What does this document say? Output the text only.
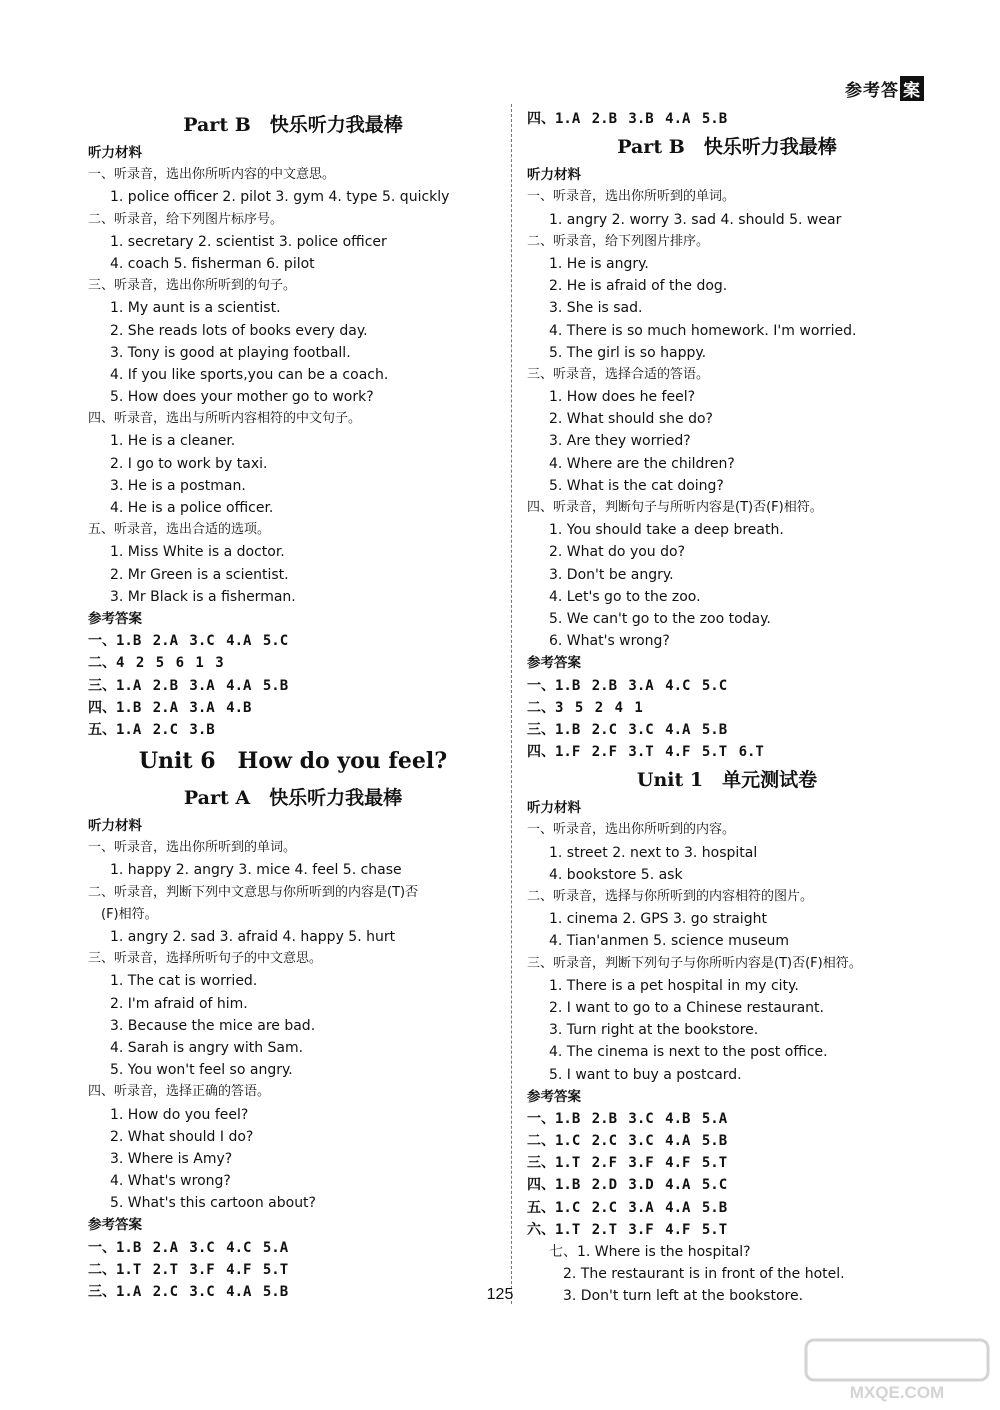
参考答 案
Part B　快乐听力我最棒
听力材料
一、听录音，选出你所听内容的中文意思。
1. police officer 2. pilot 3. gym 4. type 5. quickly
二、听录音，给下列图片标序号。
1. secretary 2. scientist 3. police officer
4. coach 5. fisherman 6. pilot
三、听录音，选出你所听到的句子。
1. My aunt is a scientist.
2. She reads lots of books every day.
3. Tony is good at playing football.
4. If you like sports,you can be a coach.
5. How does your mother go to work?
四、听录音，选出与所听内容相符的中文句子。
1. He is a cleaner.
2. I go to work by taxi.
3. He is a postman.
4. He is a police officer.
五、听录音，选出合适的选项。
1. Miss White is a doctor.
2. Mr Green is a scientist.
3. Mr Black is a fisherman.
参考答案
一、1.B 2.A 3.C 4.A 5.C
二、4 2 5 6 1 3
三、1.A 2.B 3.A 4.A 5.B
四、1.B 2.A 3.A 4.B
五、1.A 2.C 3.B
Unit 6　How do you feel?
Part A　快乐听力我最棒
听力材料
一、听录音，选出你所听到的单词。
1. happy 2. angry 3. mice 4. feel 5. chase
二、听录音，判断下列中文意思与你所听到的内容是(T)否
　(F)相符。
1. angry 2. sad 3. afraid 4. happy 5. hurt
三、听录音，选择所听句子的中文意思。
1. The cat is worried.
2. I'm afraid of him.
3. Because the mice are bad.
4. Sarah is angry with Sam.
5. You won't feel so angry.
四、听录音，选择正确的答语。
1. How do you feel?
2. What should I do?
3. Where is Amy?
4. What's wrong?
5. What's this cartoon about?
参考答案
一、1.B 2.A 3.C 4.C 5.A
二、1.T 2.T 3.F 4.F 5.T
三、1.A 2.C 3.C 4.A 5.B
四、1.A 2.B 3.B 4.A 5.B
Part B　快乐听力我最棒
听力材料
一、听录音，选出你所听到的单词。
1. angry 2. worry 3. sad 4. should 5. wear
二、听录音，给下列图片排序。
1. He is angry.
2. He is afraid of the dog.
3. She is sad.
4. There is so much homework. I'm worried.
5. The girl is so happy.
三、听录音，选择合适的答语。
1. How does he feel?
2. What should she do?
3. Are they worried?
4. Where are the children?
5. What is the cat doing?
四、听录音，判断句子与所听内容是(T)否(F)相符。
1. You should take a deep breath.
2. What do you do?
3. Don't be angry.
4. Let's go to the zoo.
5. We can't go to the zoo today.
6. What's wrong?
参考答案
一、1.B 2.B 3.A 4.C 5.C
二、3 5 2 4 1
三、1.B 2.C 3.C 4.A 5.B
四、1.F 2.F 3.T 4.F 5.T 6.T
Unit 1　单元测试卷
听力材料
一、听录音，选出你所听到的内容。
1. street 2. next to 3. hospital
4. bookstore 5. ask
二、听录音，选择与你所听到的内容相符的图片。
1. cinema 2. GPS 3. go straight
4. Tian'anmen 5. science museum
三、听录音，判断下列句子与你所听内容是(T)否(F)相符。
1. There is a pet hospital in my city.
2. I want to go to a Chinese restaurant.
3. Turn right at the bookstore.
4. The cinema is next to the post office.
5. I want to buy a postcard.
参考答案
一、1.B 2.B 3.C 4.B 5.A
二、1.C 2.C 3.C 4.A 5.B
三、1.T 2.F 3.F 4.F 5.T
四、1.B 2.D 3.D 4.A 5.C
五、1.C 2.C 3.A 4.A 5.B
六、1.T 2.T 3.F 4.F 5.T
七、1. Where is the hospital?
　2. The restaurant is in front of the hotel.
　3. Don't turn left at the bookstore.
125
MXQE.COM
